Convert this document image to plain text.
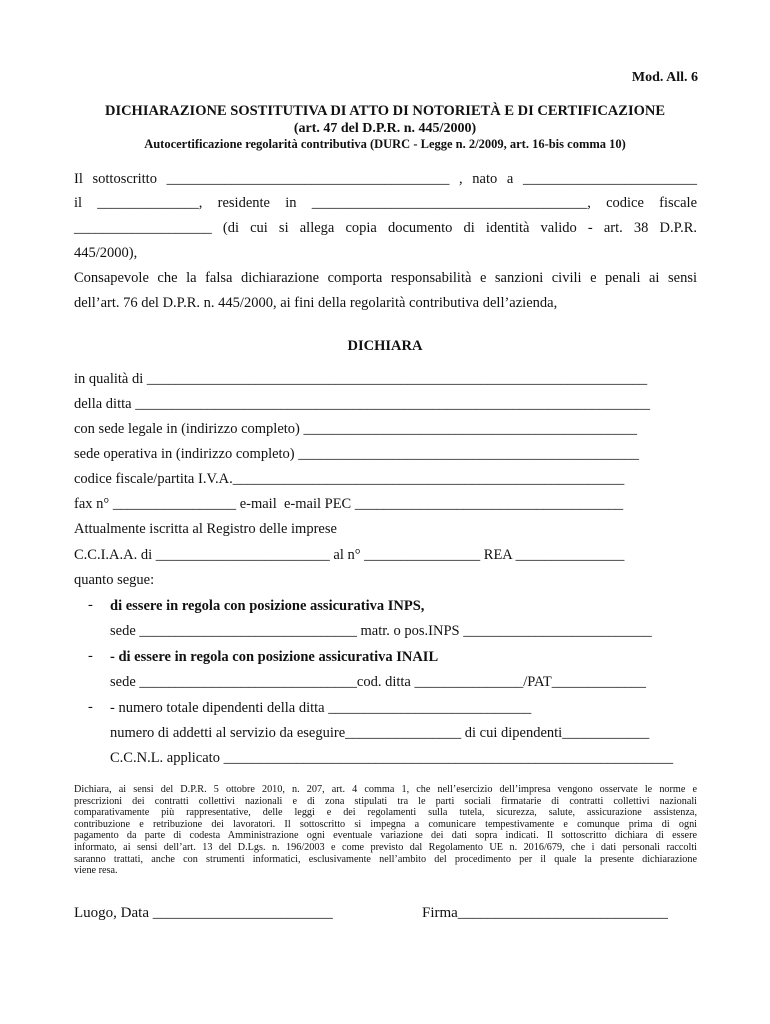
Mod. All. 6
DICHIARAZIONE SOSTITUTIVA DI ATTO DI NOTORIETÀ E DI CERTIFICAZIONE
(art. 47 del D.P.R. n. 445/2000)
Autocertificazione regolarità contributiva (DURC - Legge n. 2/2009, art. 16-bis comma 10)
Il sottoscritto _______________________________________ , nato a ________________________
il ______________, residente in ______________________________________, codice fiscale
___________________ (di cui si allega copia documento di identità valido - art. 38 D.P.R.
445/2000),
Consapevole che la falsa dichiarazione comporta responsabilità e sanzioni civili e penali ai sensi
dell’art. 76 del D.P.R. n. 445/2000, ai fini della regolarità contributiva dell’azienda,
DICHIARA
in qualità di _____________________________________________________________________
della ditta _______________________________________________________________________
con sede legale in (indirizzo completo) ______________________________________________
sede operativa in (indirizzo completo) _______________________________________________
codice fiscale/partita I.V.A.______________________________________________________
fax n° _________________ e-mail  e-mail PEC _____________________________________
Attualmente iscritta al Registro delle imprese
C.C.I.A.A. di ________________________ al n° ________________ REA _______________
quanto segue:
- di essere in regola con posizione assicurativa INPS,
sede ______________________________ matr. o pos.INPS __________________________
- - di essere in regola con posizione assicurativa INAIL
sede ______________________________cod. ditta _______________/PAT_____________
- - numero totale dipendenti della ditta ____________________________
numero di addetti al servizio da eseguire________________ di cui dipendenti____________
C.C.N.L. applicato ______________________________________________________________
Dichiara, ai sensi del D.P.R. 5 ottobre 2010, n. 207, art. 4 comma 1, che nell’esercizio dell’impresa vengono osservate le norme e
prescrizioni dei contratti collettivi nazionali e di zona stipulati tra le parti sociali firmatarie di contratti collettivi nazionali
comparativamente più rappresentative, delle leggi e dei regolamenti sulla tutela, sicurezza, salute, assicurazione assistenza,
contribuzione e retribuzione dei lavoratori. Il sottoscritto si impegna a comunicare tempestivamente e comunque prima di ogni
pagamento da parte di codesta Amministrazione ogni eventuale variazione dei dati sopra indicati. Il sottoscritto dichiara di essere
informato, ai sensi dell’art. 13 del D.Lgs. n. 196/2003 e come previsto dal Regolamento UE n. 2016/679, che i dati personali raccolti
saranno trattati, anche con strumenti informatici, esclusivamente nell’ambito del procedimento per il quale la presente dichiarazione
viene resa.
Luogo, Data ________________________	Firma____________________________
